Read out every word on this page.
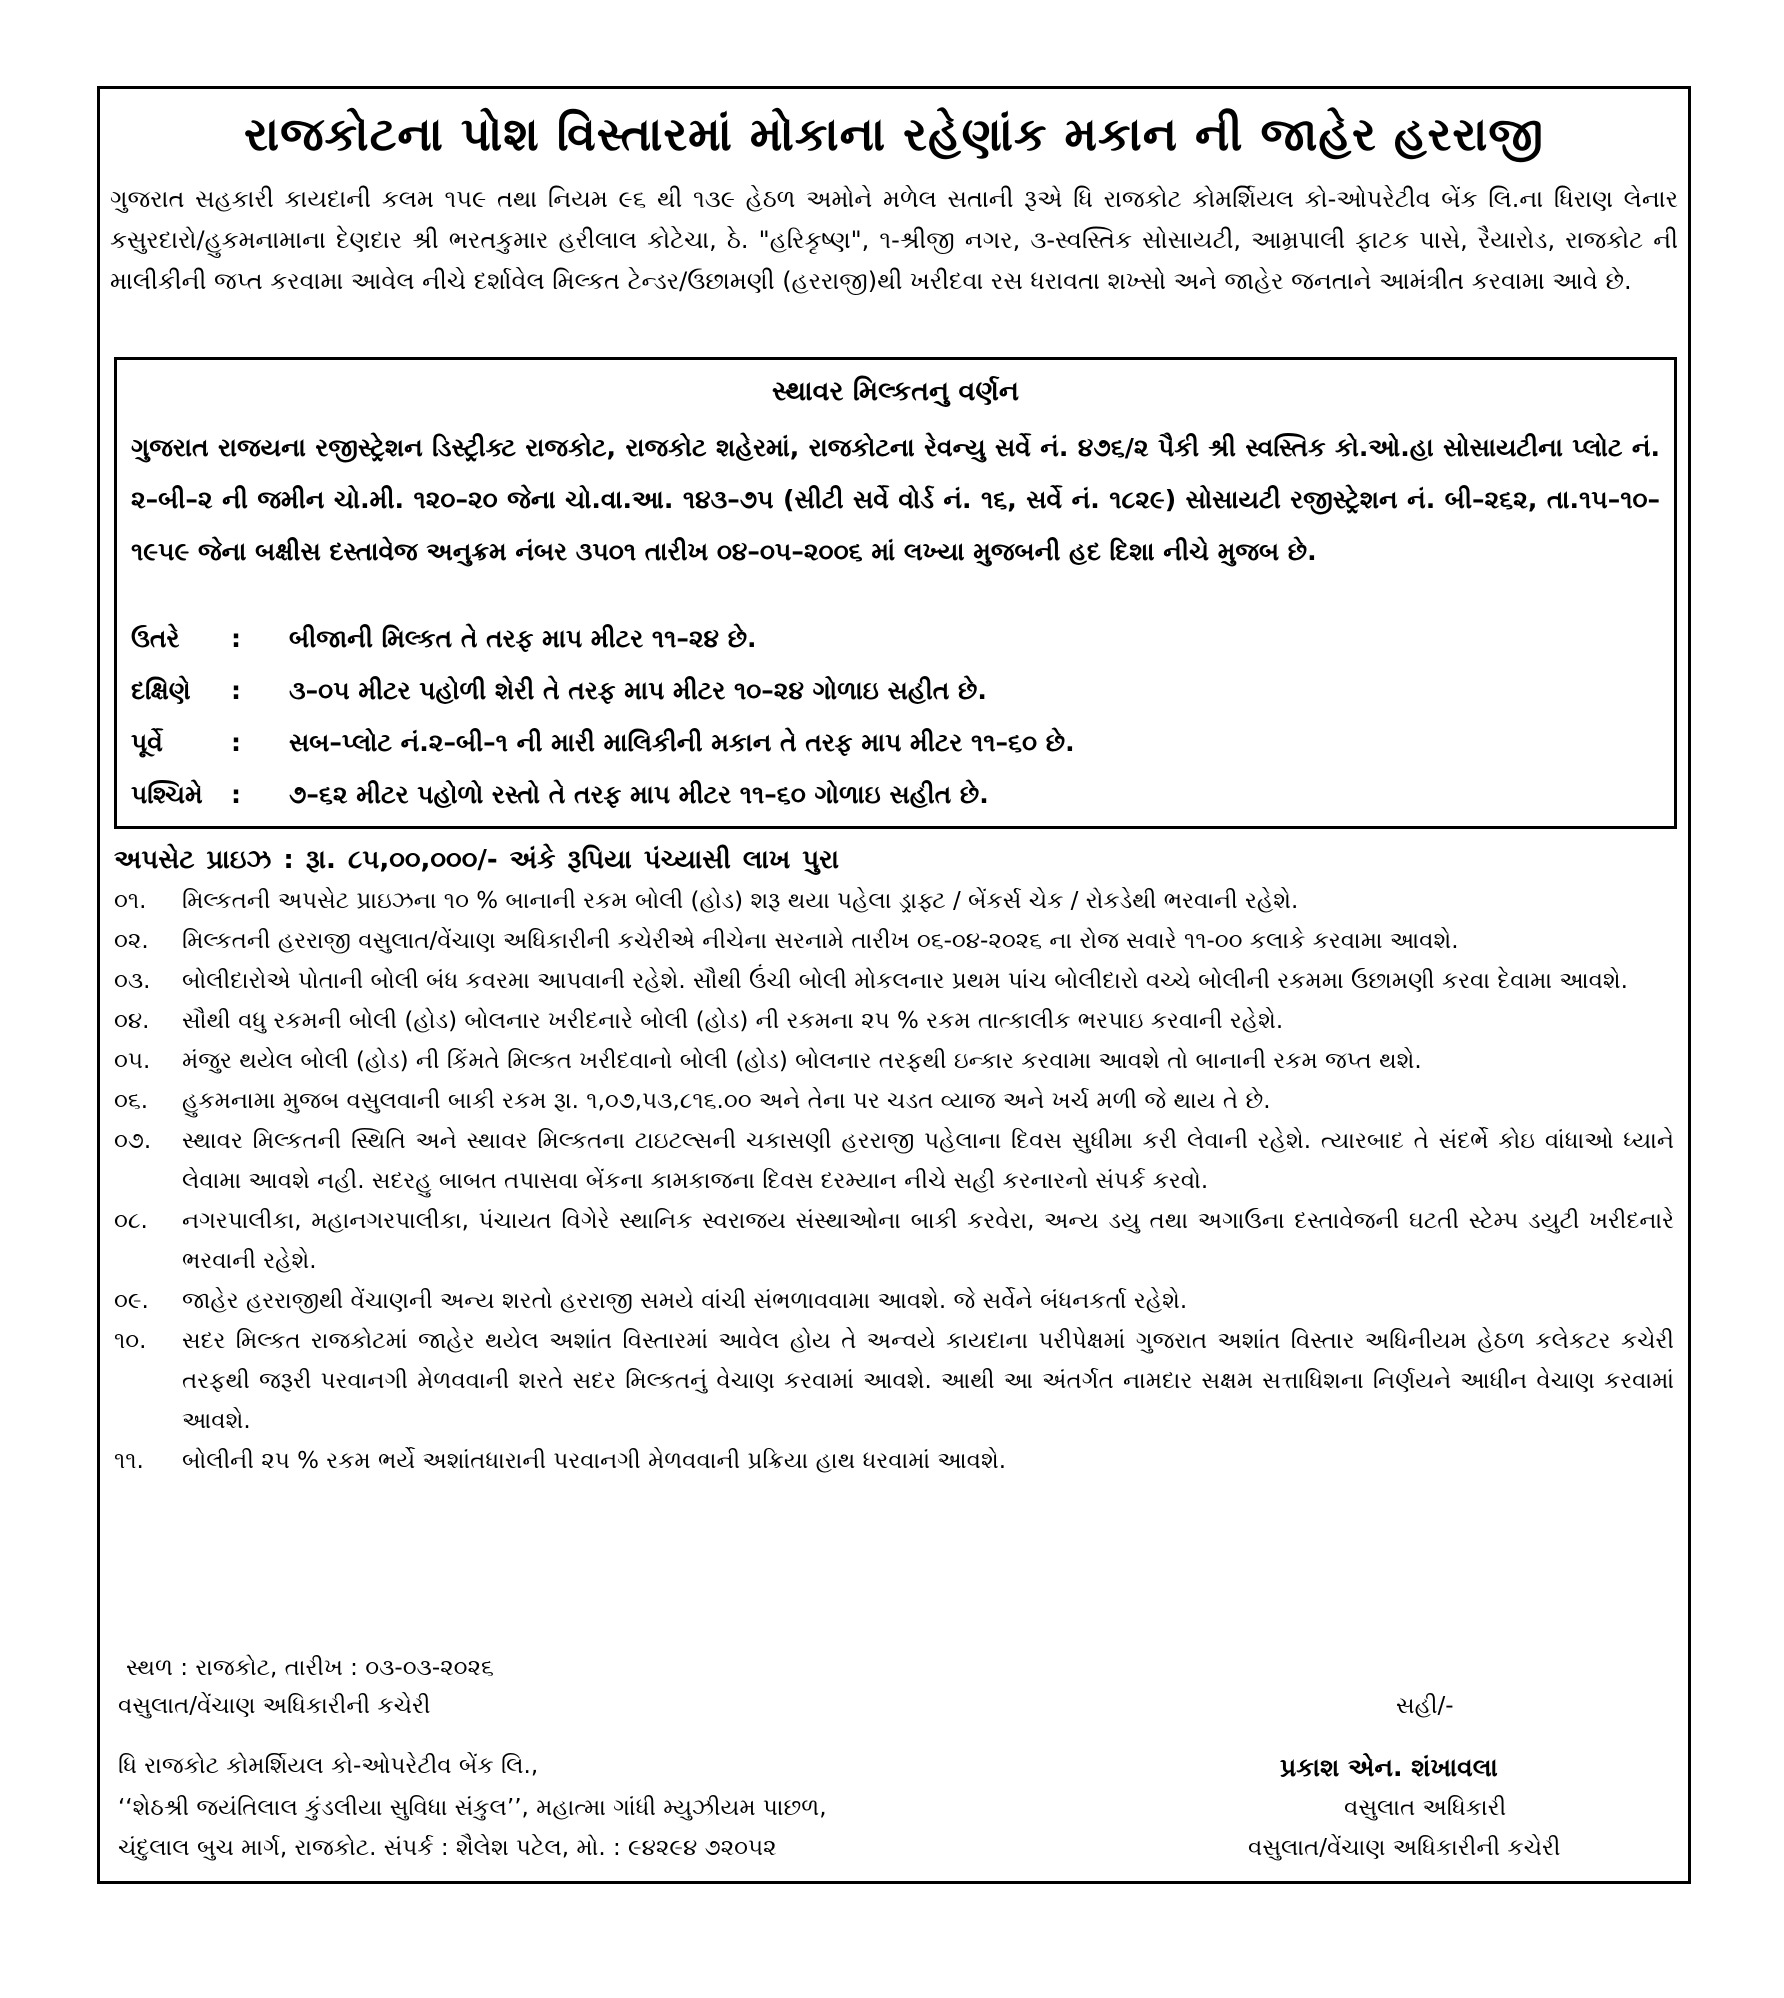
રાજકોટના પોશ વિસ્તારમાં મોકાના રહેણાંક મકાન ની જાહેર હરરાજી
ગુજરાત સહકારી કાયદાની કલમ ૧૫૯ તથા નિયમ ૯૬ થી ૧૩૯ હેઠળ અમોને મળેલ સતાની રૂએ ધિ રાજકોટ કોમર્શિયલ કો-ઓપરેટીવ બેંક લિ.ના ધિરાણ લેનાર કસુરદારો/હુકમનામાના દેણદાર શ્રી ભરતકુમાર હરીલાલ કોટેચા, ઠે. "હરિકૃષ્ણ", ૧-શ્રીજી નગર, ૩-સ્વસ્તિક સોસાયટી, આમ્રપાલી ફાટક પાસે, રૈયારોડ, રાજકોટ ની માલીકીની જપ્ત કરવામા આવેલ નીચે દર્શાવેલ મિલ્કત ટેન્ડર/ઉછામણી (હરરાજી)થી ખરીદવા રસ ધરાવતા શખ્સો અને જાહેર જનતાને આમંત્રીત કરવામા આવે છે.
સ્થાવર મિલ્કતનુ વર્ણન
ગુજરાત રાજયના રજીસ્ટ્રેશન ડિસ્ટ્રીક્ટ રાજકોટ, રાજકોટ શહેરમાં, રાજકોટના રેવન્યુ સર્વે નં. ૪૭૬/૨ પૈકી શ્રી સ્વસ્તિક કો.ઓ.હા સોસાયટીના પ્લોટ નં. ૨–બી–૨ ની જમીન ચો.મી. ૧૨૦–૨૦ જેના ચો.વા.આ. ૧૪૩–૭૫ (સીટી સર્વે વોર્ડ નં. ૧૬, સર્વે નં. ૧૮૨૯) સોસાયટી રજીસ્ટ્રેશન નં. બી–૨૬૨, તા.૧૫–૧૦–૧૯૫૯ જેના બક્ષીસ દસ્તાવેજ અનુક્રમ નંબર ૩૫૦૧ તારીખ ૦૪–૦૫–૨૦૦૬ માં લખ્યા મુજબની હદ દિશા નીચે મુજબ છે.
ઉતરે : બીજાની મિલ્કત તે તરફ માપ મીટર ૧૧–૨૪ છે.
દક્ષિણે : ૩–૦૫ મીટર પહોળી શેરી તે તરફ માપ મીટર ૧૦–૨૪ ગોળાઇ સહીત છે.
પૂર્વે	: સબ–પ્લોટ નં.૨–બી–૧ ની મારી માલિકીની મકાન તે તરફ માપ મીટર ૧૧–૬૦ છે.
પશ્ચિમે : ૭–૬૨ મીટર પહોળો રસ્તો તે તરફ માપ મીટર ૧૧–૬૦ ગોળાઇ સહીત છે.
અપસેટ પ્રાઇઝ : રૂા. ૮૫,૦૦,૦૦૦/- અંકે રૂપિયા પંચ્યાસી લાખ પુરા
૦૧.	મિલ્કતની અપસેટ પ્રાઇઝના ૧૦ % બાનાની રકમ બોલી (હોડ) શરૂ થયા પહેલા ડ્રાફ્ટ / બેંકર્સ ચેક / રોકડેથી ભરવાની રહેશે.
૦૨.	મિલ્કતની હરરાજી વસુલાત/વેંચાણ અધિકારીની કચેરીએ નીચેના સરનામે તારીખ ૦૬-૦૪-૨૦૨૬ ના રોજ સવારે ૧૧-૦૦ કલાકે કરવામા આવશે.
૦૩.	બોલીદારોએ પોતાની બોલી બંધ કવરમા આપવાની રહેશે. સૌથી ઉંચી બોલી મોકલનાર પ્રથમ પાંચ બોલીદારો વચ્ચે બોલીની રકમમા ઉછામણી કરવા દેવામા આવશે.
૦૪.	સૌથી વધુ રકમની બોલી (હોડ) બોલનાર ખરીદનારે બોલી (હોડ) ની રકમના ૨૫ % રકમ તાત્કાલીક ભરપાઇ કરવાની રહેશે.
૦૫.	મંજુર થયેલ બોલી (હોડ) ની કિંમતે મિલ્કત ખરીદવાનો બોલી (હોડ) બોલનાર તરફથી ઇન્કાર કરવામા આવશે તો બાનાની રકમ જપ્ત થશે.
૦૬.	હુકમનામા મુજબ વસુલવાની બાકી રકમ રૂા. ૧,૦૭,૫૩,૮૧૬.૦૦ અને તેના પર ચડત વ્યાજ અને ખર્ચ મળી જે થાય તે છે.
૦૭.	સ્થાવર મિલ્કતની સ્થિતિ અને સ્થાવર મિલ્કતના ટાઇટલ્સની ચકાસણી હરરાજી પહેલાના દિવસ સુધીમા કરી લેવાની રહેશે. ત્યારબાદ તે સંદર્ભે કોઇ વાંધાઓ ધ્યાને લેવામા આવશે નહી. સદરહુ બાબત તપાસવા બેંકના કામકાજના દિવસ દરમ્યાન નીચે સહી કરનારનો સંપર્ક કરવો.
૦૮.	નગરપાલીકા, મહાનગરપાલીકા, પંચાયત વિગેરે સ્થાનિક સ્વરાજય સંસ્થાઓના બાકી કરવેરા, અન્ય ડયુ તથા અગાઉના દસ્તાવેજની ઘટતી સ્ટેમ્પ ડયુટી ખરીદનારે ભરવાની રહેશે.
૦૯.	જાહેર હરરાજીથી વેંચાણની અન્ય શરતો હરરાજી સમયે વાંચી સંભળાવવામા આવશે. જે સર્વેને બંધનકર્તા રહેશે.
૧૦.	સદર મિલ્કત રાજકોટમાં જાહેર થયેલ અશાંત વિસ્તારમાં આવેલ હોય તે અન્વયે કાયદાના પરીપેક્ષમાં ગુજરાત અશાંત વિસ્તાર અધિનીયમ હેઠળ કલેકટર કચેરી તરફથી જરૂરી પરવાનગી મેળવવાની શરતે સદર મિલ્કતનું વેચાણ કરવામાં આવશે. આથી આ અંતર્ગત નામદાર સક્ષમ સત્તાધિશના નિર્ણયને આધીન વેચાણ કરવામાં આવશે.
૧૧.	બોલીની ૨૫ % રકમ ભર્યે અશાંતધારાની પરવાનગી મેળવવાની પ્રક્રિયા હાથ ધરવામાં આવશે.
સ્થળ : રાજકોટ, તારીખ : ૦૩-૦૩-૨૦૨૬
વસુલાત/વેંચાણ અધિકારીની કચેરી	સહી/-
ધિ રાજકોટ કોમર્શિયલ કો-ઓપરેટીવ બેંક લિ.,	પ્રકાશ એન. શંખાવલા
‘‘શેઠશ્રી જયંતિલાલ કુંડલીયા સુવિધા સંકુલ’’, મહાત્મા ગાંધી મ્યુઝીયમ પાછળ,	વસુલાત અધિકારી
ચંદુલાલ બુચ માર્ગ, રાજકોટ. સંપર્ક : શૈલેશ પટેલ, મો. : ૯૪૨૯૪ ૭૨૦૫૨	વસુલાત/વેંચાણ અધિકારીની કચેરી
